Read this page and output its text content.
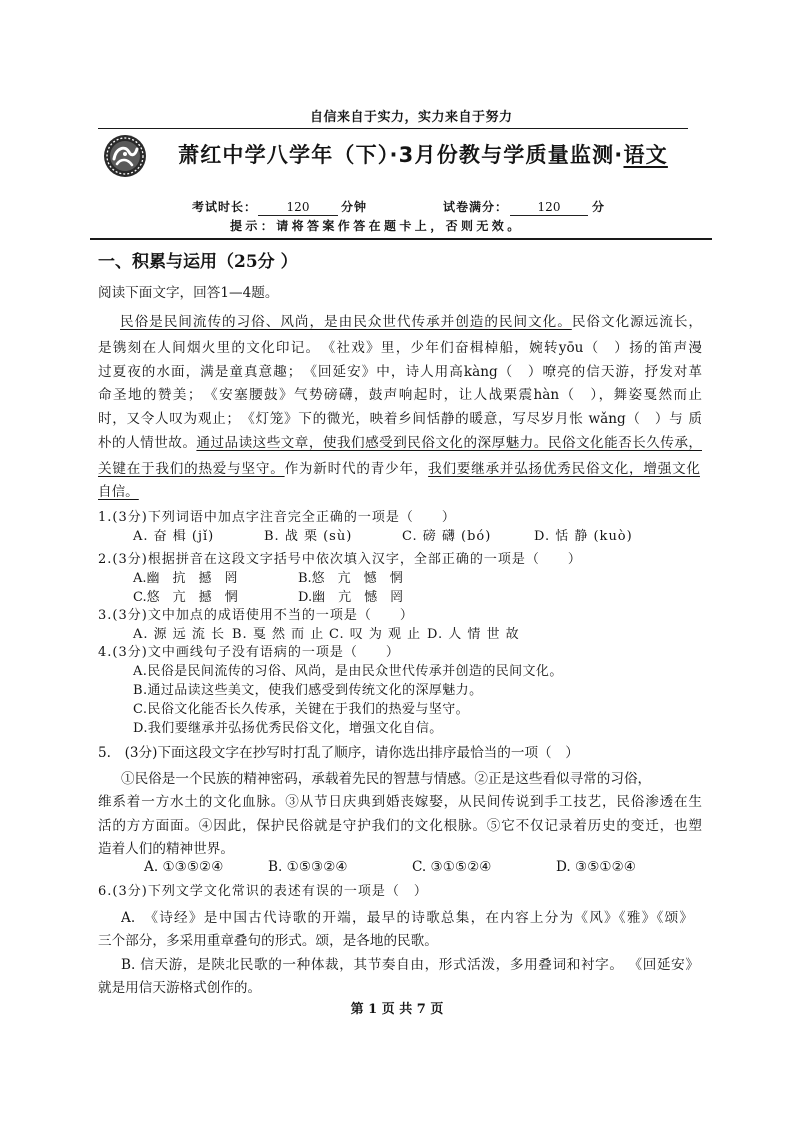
自信来自于实力，实力来自于努力
萧红中学八学年（下）·3月份教与学质量监测·语文
考试时长：	120	分钟	试卷满分：	120	分
提示：请将答案作答在题卡上，否则无效。
一、积累与运用（25分 ）
阅读下面文字，回答1—4题。
民俗是民间流传的习俗、风尚，是由民众世代传承并创造的民间文化。民俗文化源远流长，
是镌刻在人间烟火里的文化印记。　《社戏》里，少年们奋楫棹船，婉转yōu（　）扬的笛声漫
过夏夜的水面，满是童真意趣；　《回延安》中，诗人用高kàng（　）嘹亮的信天游，抒发对革
命圣地的赞美；　《安塞腰鼓》气势磅礴，鼓声响起时，让人战栗震hàn（　），舞姿戛然而止
时，又令人叹为观止；　《灯笼》下的微光，映着乡间恬静的暖意，写尽岁月怅 wǎng（　）与 质
朴的人情世故。通过品读这些文章，使我们感受到民俗文化的深厚魅力。民俗文化能否长久传承，
关键在于我们的热爱与坚守。作为新时代的青少年，我们要继承并弘扬优秀民俗文化，增强文化
自信。
1.(3分)下列词语中加点字注音完全正确的一项是（　　）
A. 奋 楫 (jǐ)	B. 战 栗 (sù)	C. 磅 礴 (bó)	D. 恬 静 (kuò)
2.(3分)根据拼音在这段文字括号中依次填入汉字，全部正确的一项是（　　）
A.幽　抗　撼　罔	B.悠　亢　憾　惘
C.悠　亢　撼　惘	D.幽　亢　憾　罔
3.(3分)文中加点的成语使用不当的一项是（　　）
A. 源 远 流 长 B. 戛 然 而 止 C. 叹 为 观 止 D. 人 情 世 故
4.(3分)文中画线句子没有语病的一项是（　　）
A.民俗是民间流传的习俗、风尚，是由民众世代传承并创造的民间文化。
B.通过品读这些美文，使我们感受到传统文化的深厚魅力。
C.民俗文化能否长久传承，关键在于我们的热爱与坚守。
D.我们要继承并弘扬优秀民俗文化，增强文化自信。
5.　(3分)下面这段文字在抄写时打乱了顺序，请你选出排序最恰当的一项（　）
①民俗是一个民族的精神密码，承载着先民的智慧与情感。②正是这些看似寻常的习俗，
维系着一方水土的文化血脉。③从节日庆典到婚丧嫁娶，从民间传说到手工技艺，民俗渗透在生
活的方方面面。④因此，保护民俗就是守护我们的文化根脉。⑤它不仅记录着历史的变迁，也塑
造着人们的精神世界。
A. ①③⑤②④	B. ①⑤③②④	C. ③①⑤②④	D. ③⑤①②④
6.(3分)下列文学文化常识的表述有误的一项是（　）
A.　《诗经》是中国古代诗歌的开端，最早的诗歌总集，在内容上分为《风》《雅》《颂》
三个部分，多采用重章叠句的形式。颂，是各地的民歌。
B. 信天游，是陕北民歌的一种体裁，其节奏自由，形式活泼，多用叠词和衬字。 《回延安》
就是用信天游格式创作的。
第 1 页 共 7 页
